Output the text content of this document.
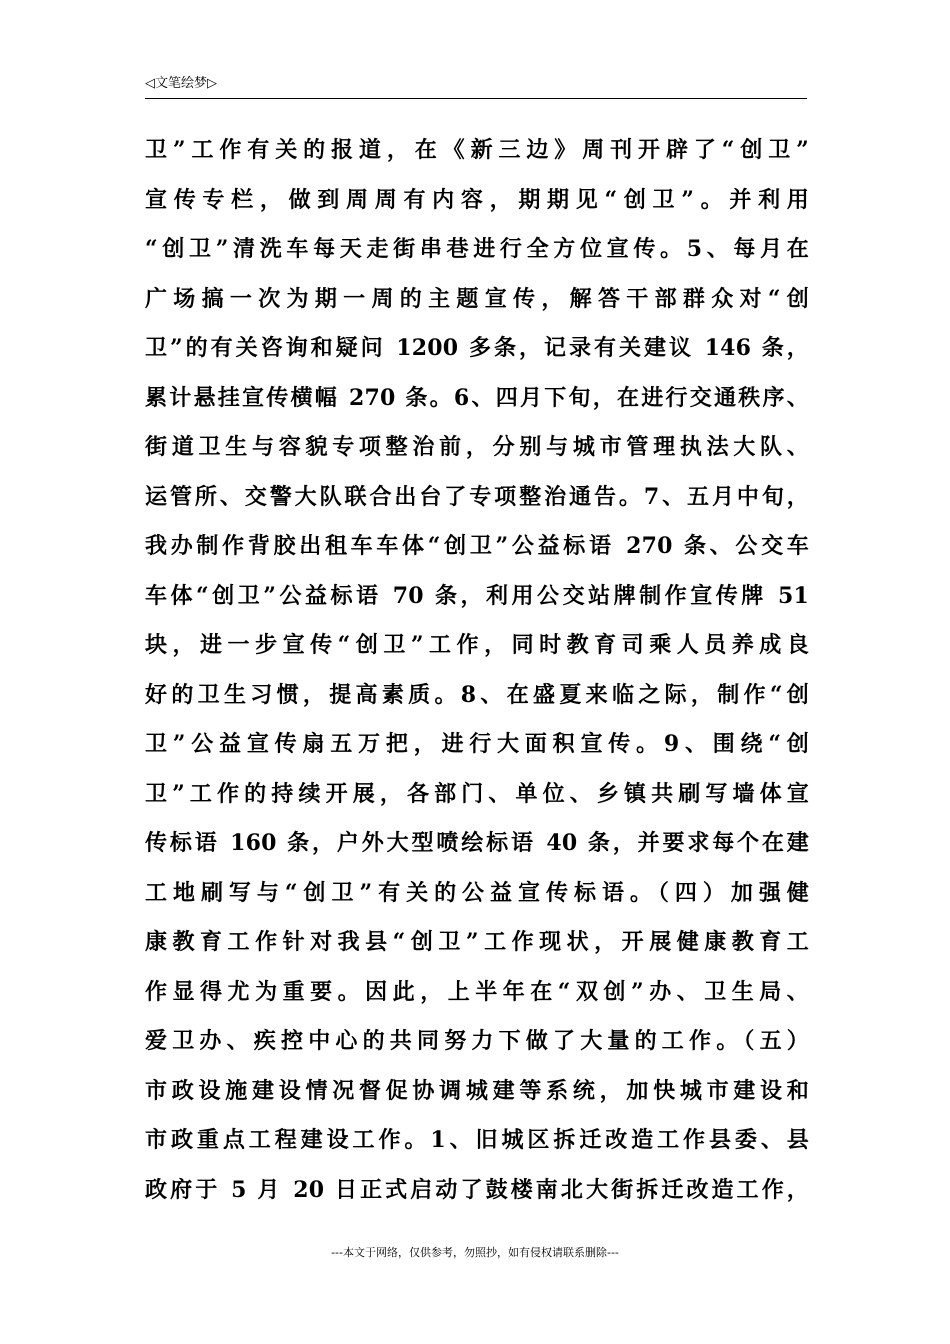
◁文笔绘梦▷
卫”工作有关的报道，在《新三边》周刊开辟了“创卫”
宣传专栏，做到周周有内容，期期见“创卫”。并利用
“创卫”清洗车每天走街串巷进行全方位宣传。5、每月在
广场搞一次为期一周的主题宣传，解答干部群众对“创
卫”的有关咨询和疑问 1200 多条，记录有关建议 146 条，
累计悬挂宣传横幅 270 条。6、四月下旬，在进行交通秩序、
街道卫生与容貌专项整治前，分别与城市管理执法大队、
运管所、交警大队联合出台了专项整治通告。7、五月中旬，
我办制作背胶出租车车体“创卫”公益标语 270 条、公交车
车体“创卫”公益标语 70 条，利用公交站牌制作宣传牌 51
块，进一步宣传“创卫”工作，同时教育司乘人员养成良
好的卫生习惯，提高素质。8、在盛夏来临之际，制作“创
卫”公益宣传扇五万把，进行大面积宣传。9、围绕“创
卫”工作的持续开展，各部门、单位、乡镇共刷写墙体宣
传标语 160 条，户外大型喷绘标语 40 条，并要求每个在建
工地刷写与“创卫”有关的公益宣传标语。（四）加强健
康教育工作针对我县“创卫”工作现状，开展健康教育工
作显得尤为重要。因此，上半年在“双创”办、卫生局、
爱卫办、疾控中心的共同努力下做了大量的工作。（五）
市政设施建设情况督促协调城建等系统，加快城市建设和
市政重点工程建设工作。1、旧城区拆迁改造工作县委、县
政府于 5 月 20 日正式启动了鼓楼南北大街拆迁改造工作，
---本文于网络，仅供参考，勿照抄，如有侵权请联系删除---
